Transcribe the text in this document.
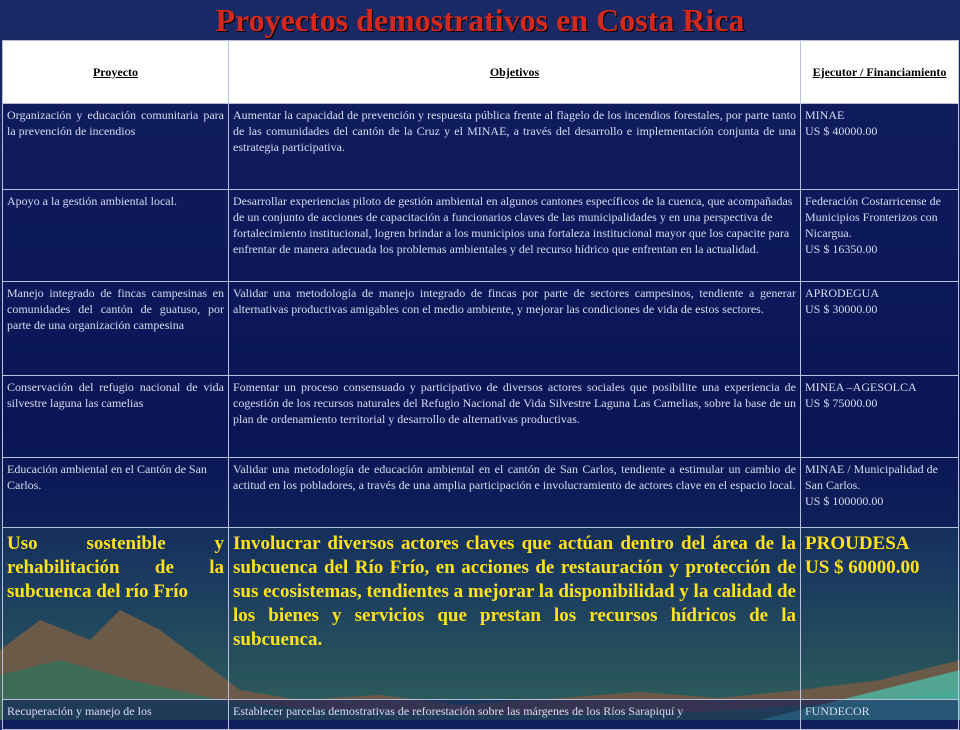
Proyectos demostrativos en Costa Rica
Proyecto	Objetivos	Ejecutor / Financiamiento
Organización y educación comunitaria para la prevención de incendios	Aumentar la capacidad de prevención y respuesta pública frente al flagelo de los incendios forestales, por parte tanto de las comunidades del cantón de la Cruz y el MINAE, a través del desarrollo e implementación conjunta de una estrategia participativa.	MINAE
US $ 40000.00

Apoyo a la gestión ambiental local.	Desarrollar experiencias piloto de gestión ambiental en algunos cantones específicos de la cuenca, que acompañadas de un conjunto de acciones de capacitación a funcionarios claves de las municipalidades y en una perspectiva de fortalecimiento institucional, logren brindar a los municipios una fortaleza institucional mayor que los capacite para enfrentar de manera adecuada los problemas ambientales y del recurso hídrico que enfrentan en la actualidad.	Federación Costarricense de Municipios Fronterizos con Nicargua.
US $ 16350.00

Manejo integrado de fincas campesinas en comunidades del cantón de guatuso, por parte de una organización campesina	Validar una metodología de manejo integrado de fincas por parte de sectores campesinos, tendiente a generar alternativas productivas amigables con el medio ambiente, y mejorar las condiciones de vida de estos sectores.	APRODEGUA
US $ 30000.00

Conservación del refugio nacional de vida silvestre laguna las camelias	Fomentar un proceso consensuado y participativo de diversos actores sociales que posibilite una experiencia de cogestión de los recursos naturales del Refugio Nacional de Vida Silvestre Laguna Las Camelias, sobre la base de un plan de ordenamiento territorial y desarrollo de alternativas productivas.	MINEA –AGESOLCA
US $ 75000.00

Educación ambiental en el Cantón de San Carlos.	Validar una metodología de educación ambiental en el cantón de San Carlos, tendiente a estimular un cambio de actitud en los pobladores, a través de una amplia participación e involucramiento de actores clave en el espacio local.	MINAE / Municipalidad de San Carlos.
US $ 100000.00

Uso sostenible y rehabilitación de la subcuenca del río Frío	Involucrar diversos actores claves que actúan dentro del área de la subcuenca del Río Frío, en acciones de restauración y protección de sus ecosistemas, tendientes a mejorar la disponibilidad y la calidad de los bienes y servicios que prestan los recursos hídricos de la subcuenca.	PROUDESA
US $ 60000.00

Recuperación y manejo de los	Establecer parcelas demostrativas de reforestación sobre las márgenes de los Ríos Sarapiquí y	FUNDECOR
